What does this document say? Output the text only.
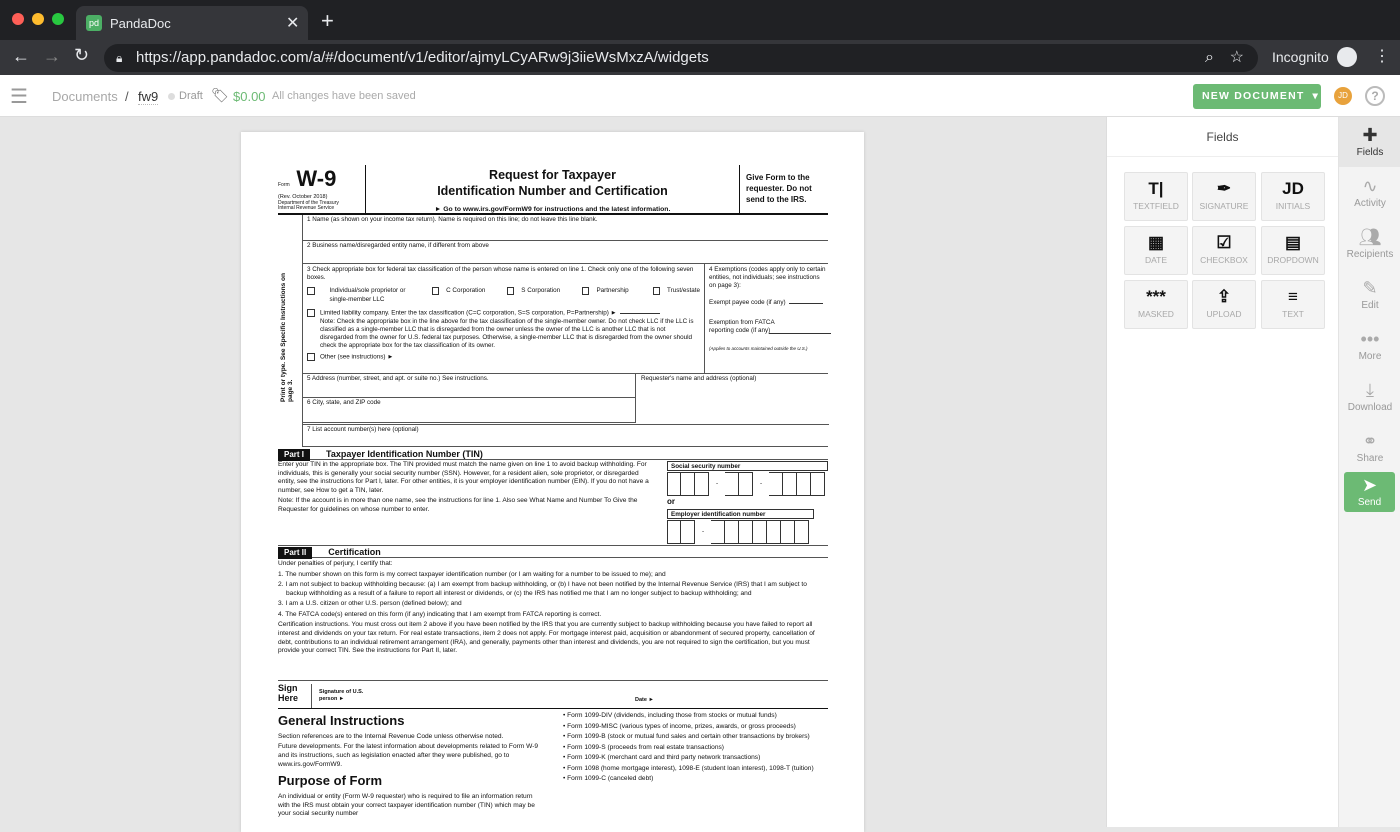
pd PandaDoc	✕ +
← → ↻ 🔒︎ https://app.pandadoc.com/a/#/document/v1/editor/ajmyLCyARw9j3iieWsMxzA/widgets	⌕ ☆ Incognito	⋮
☰ Documents / fw9 Draft 🏷︎ $0.00 All changes have been saved	NEW DOCUMENT ▾	JD	?
Print or type. See Specific Instructions on page 3.
Form W-9
(Rev. October 2018)
Department of the Treasury
Internal Revenue Service
Request for Taxpayer
Identification Number and Certification
► Go to www.irs.gov/FormW9 for instructions and the latest information.
Give Form to the requester. Do not send to the IRS.
1 Name (as shown on your income tax return). Name is required on this line; do not leave this line blank.
2 Business name/disregarded entity name, if different from above
3 Check appropriate box for federal tax classification of the person whose name is entered on line 1. Check only one of the following seven boxes.
Individual/sole proprietor or single-member LLC
C Corporation	S Corporation	Partnership	Trust/estate
Limited liability company. Enter the tax classification (C=C corporation, S=S corporation, P=Partnership) ►
Note: Check the appropriate box in the line above for the tax classification of the single-member owner. Do not check LLC if the LLC is classified as a single-member LLC that is disregarded from the owner unless the owner of the LLC is another LLC that is not disregarded from the owner for U.S. federal tax purposes. Otherwise, a single-member LLC that is disregarded from the owner should check the appropriate box for the tax classification of its owner.
Other (see instructions) ►
4 Exemptions (codes apply only to certain entities, not individuals; see instructions on page 3):
Exempt payee code (if any)
Exemption from FATCA reporting code (if any)
(Applies to accounts maintained outside the U.S.)
5 Address (number, street, and apt. or suite no.) See instructions.
6 City, state, and ZIP code
Requester's name and address (optional)
7 List account number(s) here (optional)
Part I Taxpayer Identification Number (TIN)

Enter your TIN in the appropriate box. The TIN provided must match the name given on line 1 to avoid backup withholding. For individuals, this is generally your social security number (SSN). However, for a resident alien, sole proprietor, or disregarded entity, see the instructions for Part I, later. For other entities, it is your employer identification number (EIN). If you do not have a number, see How to get a TIN, later.

Note: If the account is in more than one name, see the instructions for line 1. Also see What Name and Number To Give the Requester for guidelines on whose number to enter.

Social security number
-	-
or
Employer identification number
-
Part II Certification

Under penalties of perjury, I certify that:

1. The number shown on this form is my correct taxpayer identification number (or I am waiting for a number to be issued to me); and

2. I am not subject to backup withholding because: (a) I am exempt from backup withholding, or (b) I have not been notified by the Internal Revenue Service (IRS) that I am subject to backup withholding as a result of a failure to report all interest or dividends, or (c) the IRS has notified me that I am no longer subject to backup withholding; and

3. I am a U.S. citizen or other U.S. person (defined below); and

4. The FATCA code(s) entered on this form (if any) indicating that I am exempt from FATCA reporting is correct.

Certification instructions. You must cross out item 2 above if you have been notified by the IRS that you are currently subject to backup withholding because you have failed to report all interest and dividends on your tax return. For real estate transactions, item 2 does not apply. For mortgage interest paid, acquisition or abandonment of secured property, cancellation of debt, contributions to an individual retirement arrangement (IRA), and generally, payments other than interest and dividends, you are not required to sign the certification, but you must provide your correct TIN. See the instructions for Part II, later.

Sign Here
Signature of U.S. person ►	Date ►
General Instructions

Section references are to the Internal Revenue Code unless otherwise noted.

Future developments. For the latest information about developments related to Form W-9 and its instructions, such as legislation enacted after they were published, go to www.irs.gov/FormW9.

Purpose of Form

An individual or entity (Form W-9 requester) who is required to file an information return with the IRS must obtain your correct taxpayer identification number (TIN) which may be your social security number

• Form 1099-DIV (dividends, including those from stocks or mutual funds)

• Form 1099-MISC (various types of income, prizes, awards, or gross proceeds)

• Form 1099-B (stock or mutual fund sales and certain other transactions by brokers)

• Form 1099-S (proceeds from real estate transactions)

• Form 1099-K (merchant card and third party network transactions)

• Form 1098 (home mortgage interest), 1098-E (student loan interest), 1098-T (tuition)

• Form 1099-C (canceled debt)

Fields
T|
TEXTFIELD
✒
SIGNATURE
JD
INITIALS
▦
DATE
☑
CHECKBOX
▤
DROPDOWN
***
MASKED
⇪
UPLOAD
≡
TEXT
✚
Fields
∿
Activity
👥︎
Recipients
✎
Edit
•••
More
⤓
Download
⚭
Share
➤
Send
